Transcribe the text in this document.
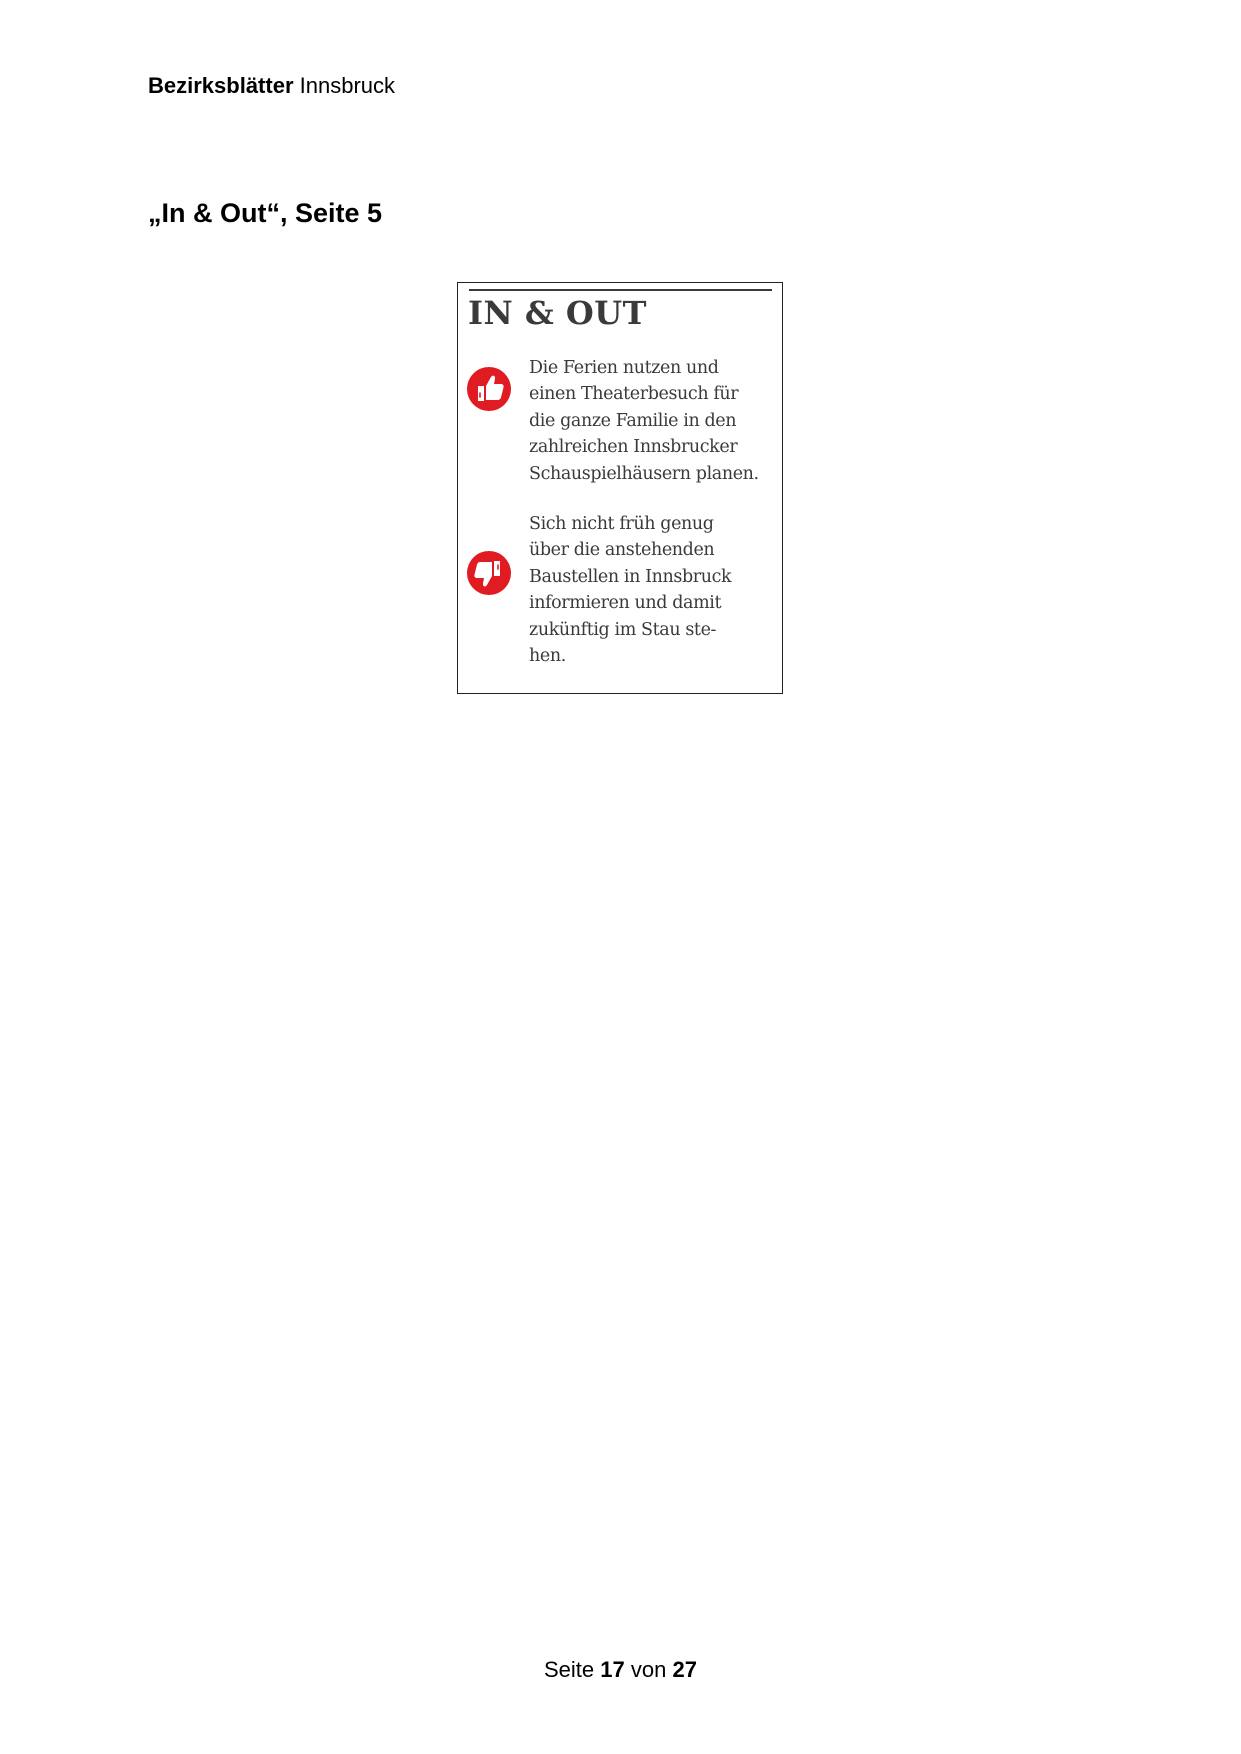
Bezirksblätter Innsbruck
„In & Out“, Seite 5
IN & OUT
Die Ferien nutzen und
einen Theaterbesuch für
die ganze Familie in den
zahlreichen Innsbrucker
Schauspielhäusern planen.
Sich nicht früh genug
über die anstehenden
Baustellen in Innsbruck
informieren und damit
zukünftig im Stau ste-
hen.
Seite 17 von 27
